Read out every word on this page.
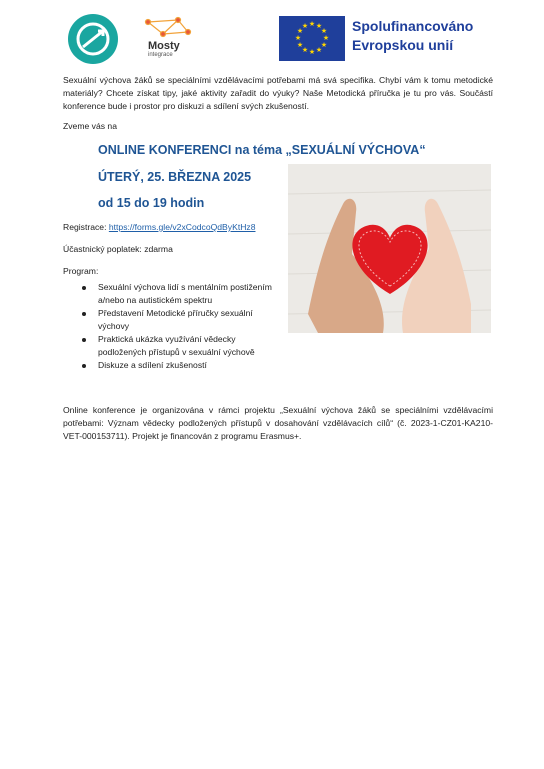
Mosty
integrace
★ ★
★
★
★
★
★
★
★
★
★
★	Spolufinancováno
Evropskou unií

Sexuální výchova žáků se speciálními vzdělávacími potřebami má svá specifika. Chybí vám k tomu metodické materiály? Chcete získat tipy, jaké aktivity zařadit do výuky? Naše Metodická příručka je tu pro vás. Součástí konference bude i prostor pro diskuzi a sdílení svých zkušeností.

Zveme vás na

ONLINE KONFERENCI na téma „SEXUÁLNÍ VÝCHOVA“

ÚTERÝ, 25. BŘEZNA 2025

od 15 do 19 hodin

Registrace: https://forms.gle/v2xCodcoQdByKtHz8

Účastnický poplatek: zdarma

Program:

Sexuální výchova lidí s mentálním postižením a/nebo na autistickém spektru
Představení Metodické příručky sexuální výchovy
Praktická ukázka využívání vědecky podložených přístupů v sexuální výchově
Diskuze a sdílení zkušeností

Online konference je organizována v rámci projektu „Sexuální výchova žáků se speciálními vzdělávacími potřebami: Význam vědecky podložených přístupů v dosahování vzdělávacích cílů“ (č. 2023-1-CZ01-KA210-VET-000153711). Projekt je financován z programu Erasmus+.
